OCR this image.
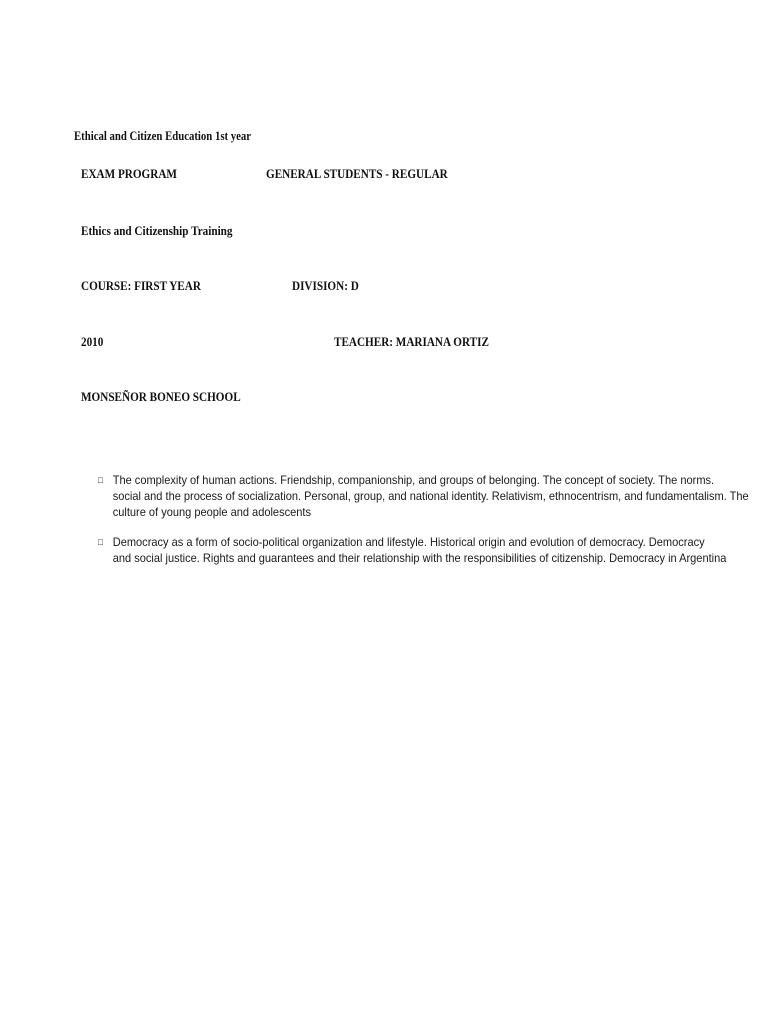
Ethical and Citizen Education 1st year
EXAM PROGRAM	GENERAL STUDENTS - REGULAR
Ethics and Citizenship Training
COURSE: FIRST YEAR	DIVISION: D
2010	TEACHER: MARIANA ORTIZ
MONSEÑOR BONEO SCHOOL
□ The complexity of human actions. Friendship, companionship, and groups of belonging. The concept of society. The norms.
social and the process of socialization. Personal, group, and national identity. Relativism, ethnocentrism, and fundamentalism. The
culture of young people and adolescents
□ Democracy as a form of socio-political organization and lifestyle. Historical origin and evolution of democracy. Democracy
and social justice. Rights and guarantees and their relationship with the responsibilities of citizenship. Democracy in Argentina
